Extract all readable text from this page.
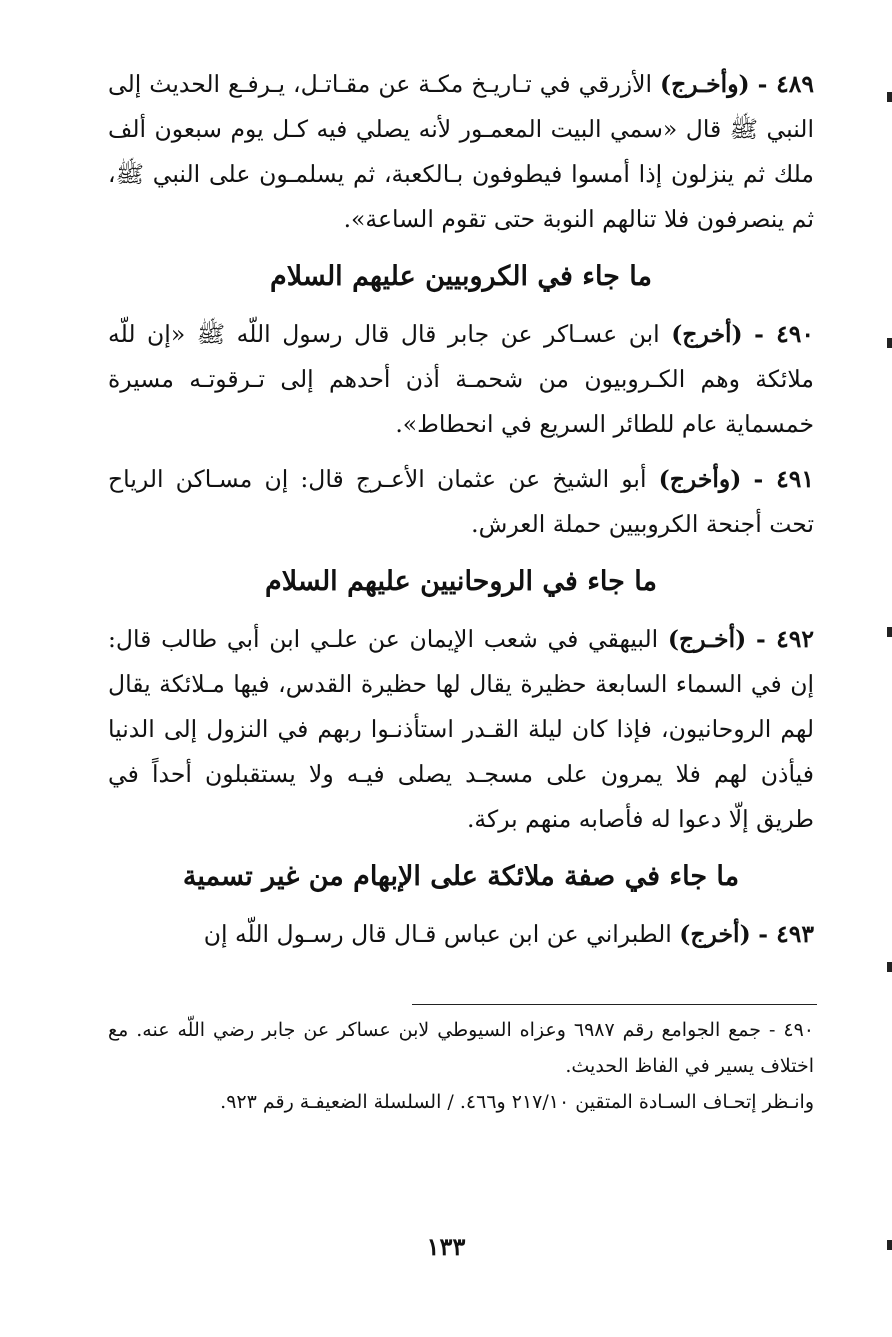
٤٨٩ - (وأخـرج) الأزرقي في تـاريـخ مكـة عن مقـاتـل، يـرفـع الحديث إلى النبي ﷺ قال «سمي البيت المعمـور لأنه يصلي فيه كـل يوم سبعون ألف ملك ثم ينزلون إذا أمسوا فيطوفون بـالكعبة، ثم يسلمـون على النبي ﷺ، ثم ينصرفون فلا تنالهم النوبة حتى تقوم الساعة».

ما جاء في الكروبيين عليهم السلام

٤٩٠ - (أخرج) ابن عسـاكر عن جابر قال قال رسول اللّه ﷺ «إن للّه ملائكة وهم الكـروبيون من شحمـة أذن أحدهم إلى تـرقوتـه مسيرة خمسماية عام للطائر السريع في انحطاط».

٤٩١ - (وأخرج) أبو الشيخ عن عثمان الأعـرج قال: إن مسـاكن الرياح تحت أجنحة الكروبيين حملة العرش.

ما جاء في الروحانيين عليهم السلام

٤٩٢ - (أخـرج) البيهقي في شعب الإيمان عن علـي ابن أبي طالب قال: إن في السماء السابعة حظيرة يقال لها حظيرة القدس، فيها مـلائكة يقال لهم الروحانيون، فإذا كان ليلة القـدر استأذنـوا ربهم في النزول إلى الدنيا فيأذن لهم فلا يمرون على مسجـد يصلى فيـه ولا يستقبلون أحداً في طريق إلّا دعوا له فأصابه منهم بركة.

ما جاء في صفة ملائكة على الإبهام من غير تسمية

٤٩٣ - (أخرج) الطبراني عن ابن عباس قـال قال رسـول اللّه إن

٤٩٠ - جمع الجوامع رقم ٦٩٨٧ وعزاه السيوطي لابن عساكر عن جابر رضي اللّه عنه. مع اختلاف يسير في الفاظ الحديث.

وانـظر إتحـاف السـادة المتقين ٢١٧/١٠ و٤٦٦. / السلسلة الضعيفـة رقم ٩٢٣.

١٣٣
